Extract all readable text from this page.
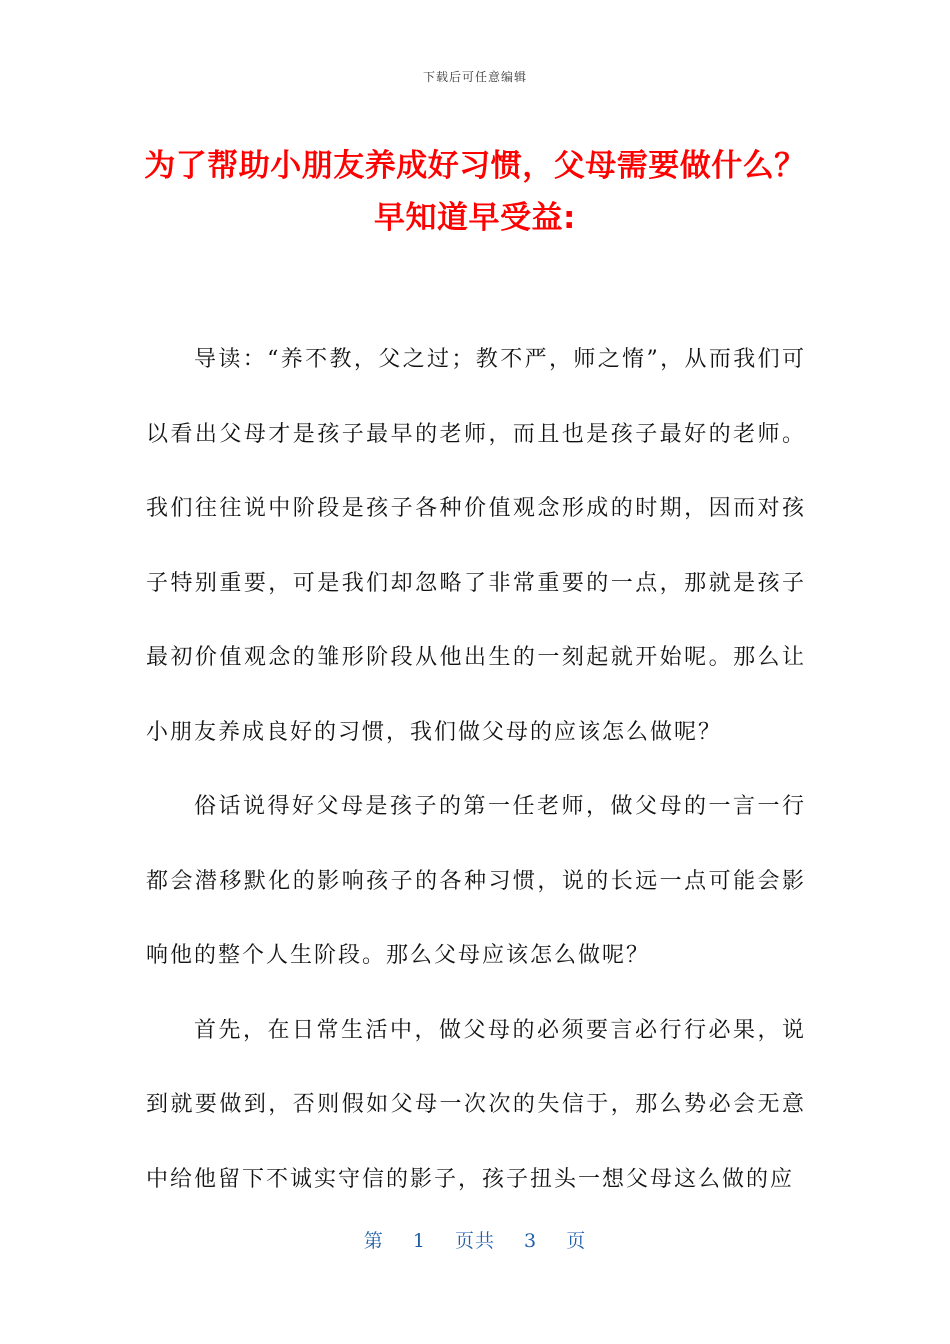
下载后可任意编辑
为了帮助小朋友养成好习惯，父母需要做什么？早知道早受益:

导读：“养不教，父之过；教不严，师之惰”，从而我们可以看出父母才是孩子最早的老师，而且也是孩子最好的老师。我们往往说中阶段是孩子各种价值观念形成的时期，因而对孩子特别重要，可是我们却忽略了非常重要的一点，那就是孩子最初价值观念的雏形阶段从他出生的一刻起就开始呢。那么让小朋友养成良好的习惯，我们做父母的应该怎么做呢？

俗话说得好父母是孩子的第一任老师，做父母的一言一行都会潜移默化的影响孩子的各种习惯，说的长远一点可能会影响他的整个人生阶段。那么父母应该怎么做呢？

首先，在日常生活中，做父母的必须要言必行行必果，说到就要做到，否则假如父母一次次的失信于，那么势必会无意中给他留下不诚实守信的影子，孩子扭头一想父母这么做的应

第 1 页共 3 页
